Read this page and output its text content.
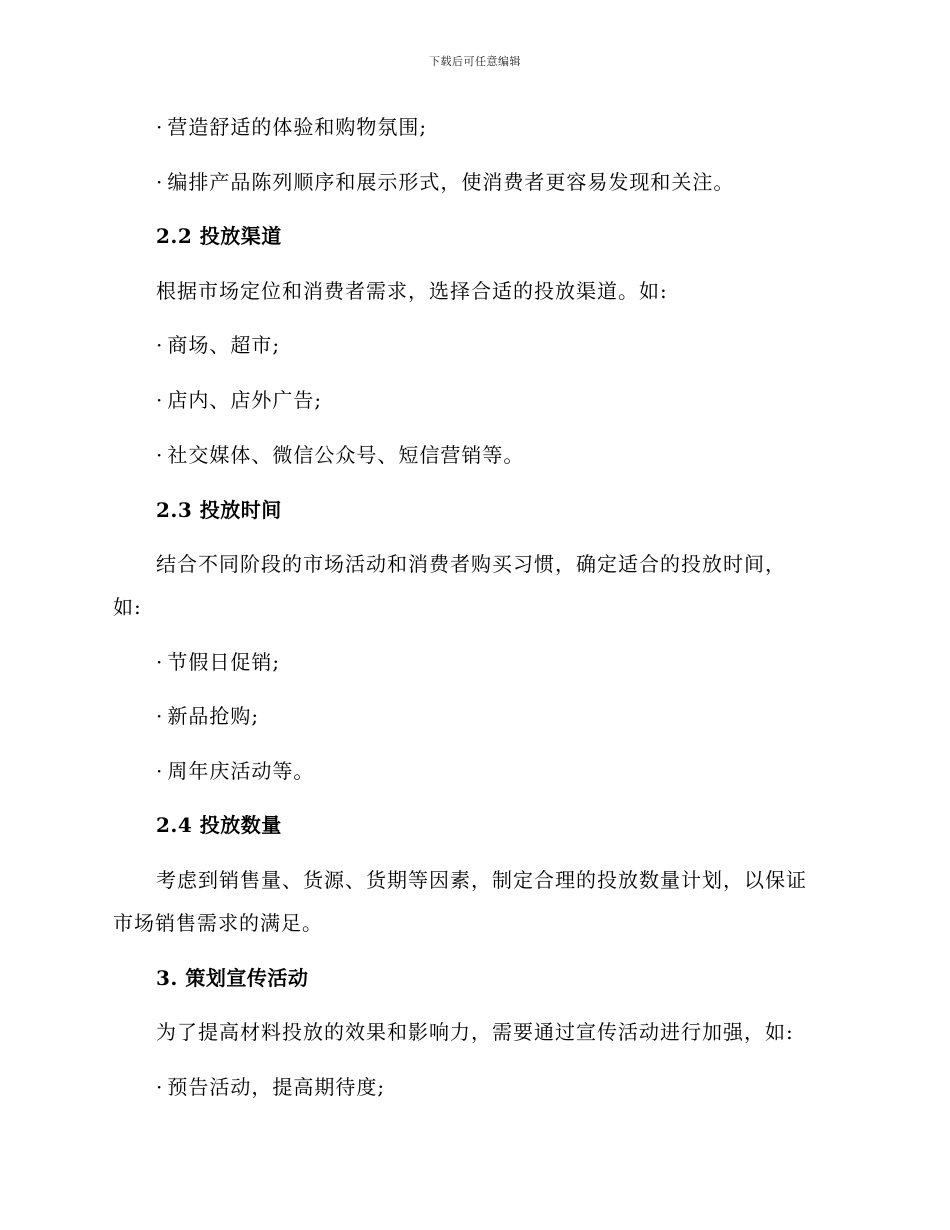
下载后可任意编辑
· 营造舒适的体验和购物氛围;
· 编排产品陈列顺序和展示形式，使消费者更容易发现和关注。
2.2 投放渠道
根据市场定位和消费者需求，选择合适的投放渠道。如:
· 商场、超市;
· 店内、店外广告;
· 社交媒体、微信公众号、短信营销等。
2.3 投放时间
结合不同阶段的市场活动和消费者购买习惯，确定适合的投放时间，
如:
· 节假日促销;
· 新品抢购;
· 周年庆活动等。
2.4 投放数量
考虑到销售量、货源、货期等因素，制定合理的投放数量计划，以保证
市场销售需求的满足。
3. 策划宣传活动
为了提高材料投放的效果和影响力，需要通过宣传活动进行加强，如:
· 预告活动，提高期待度;
